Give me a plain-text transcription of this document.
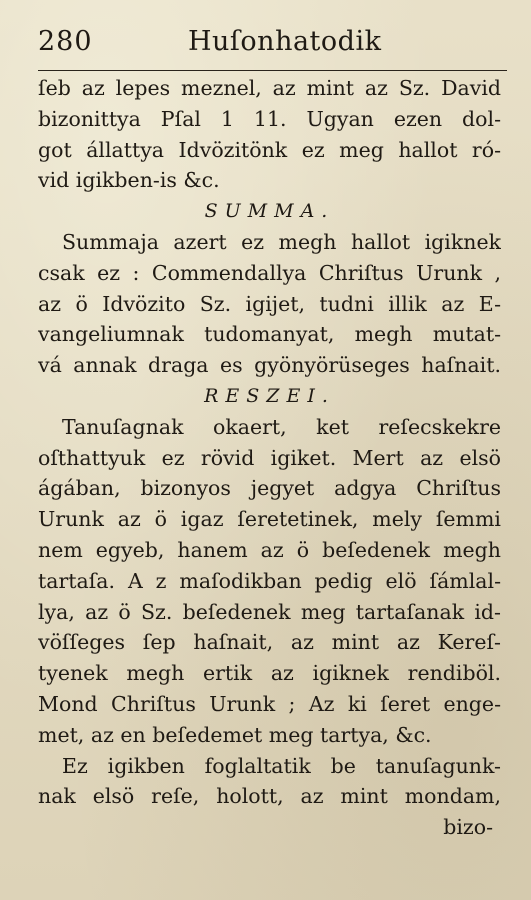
280	Huſonhatodik
ſeb az lepes meznel, az mint az Sz. David
bizonittya Pſal 1 11. Ugyan ezen dol-
got állattya Idvözitönk ez meg hallot ró-
vid igikben-is &c.
SUMMA.
Summaja azert ez megh hallot igiknek
csak ez : Commendallya Chriſtus Urunk ,
az ö Idvözito Sz. igijet, tudni illik az E-
vangeliumnak tudomanyat, megh mutat-
vá annak draga es gyönyörüseges haſnait.
RESZEI.
Tanuſagnak okaert, ket reſecskekre
oſthattyuk ez rövid igiket. Mert az elsö
ágában, bizonyos jegyet adgya Chriſtus
Urunk az ö igaz ſeretetinek, mely ſemmi
nem egyeb, hanem az ö beſedenek megh
tartaſa. A z maſodikban pedig elö ſámlal-
lya, az ö Sz. beſedenek meg tartaſanak id-
vöſſeges ſep haſnait, az mint az Kereſ-
tyenek megh ertik az igiknek rendiböl.
Mond Chriſtus Urunk ; Az ki ſeret enge-
met, az en beſedemet meg tartya, &c.
Ez igikben foglaltatik be tanuſagunk-
nak elsö reſe, holott, az mint mondam,
bizo-
